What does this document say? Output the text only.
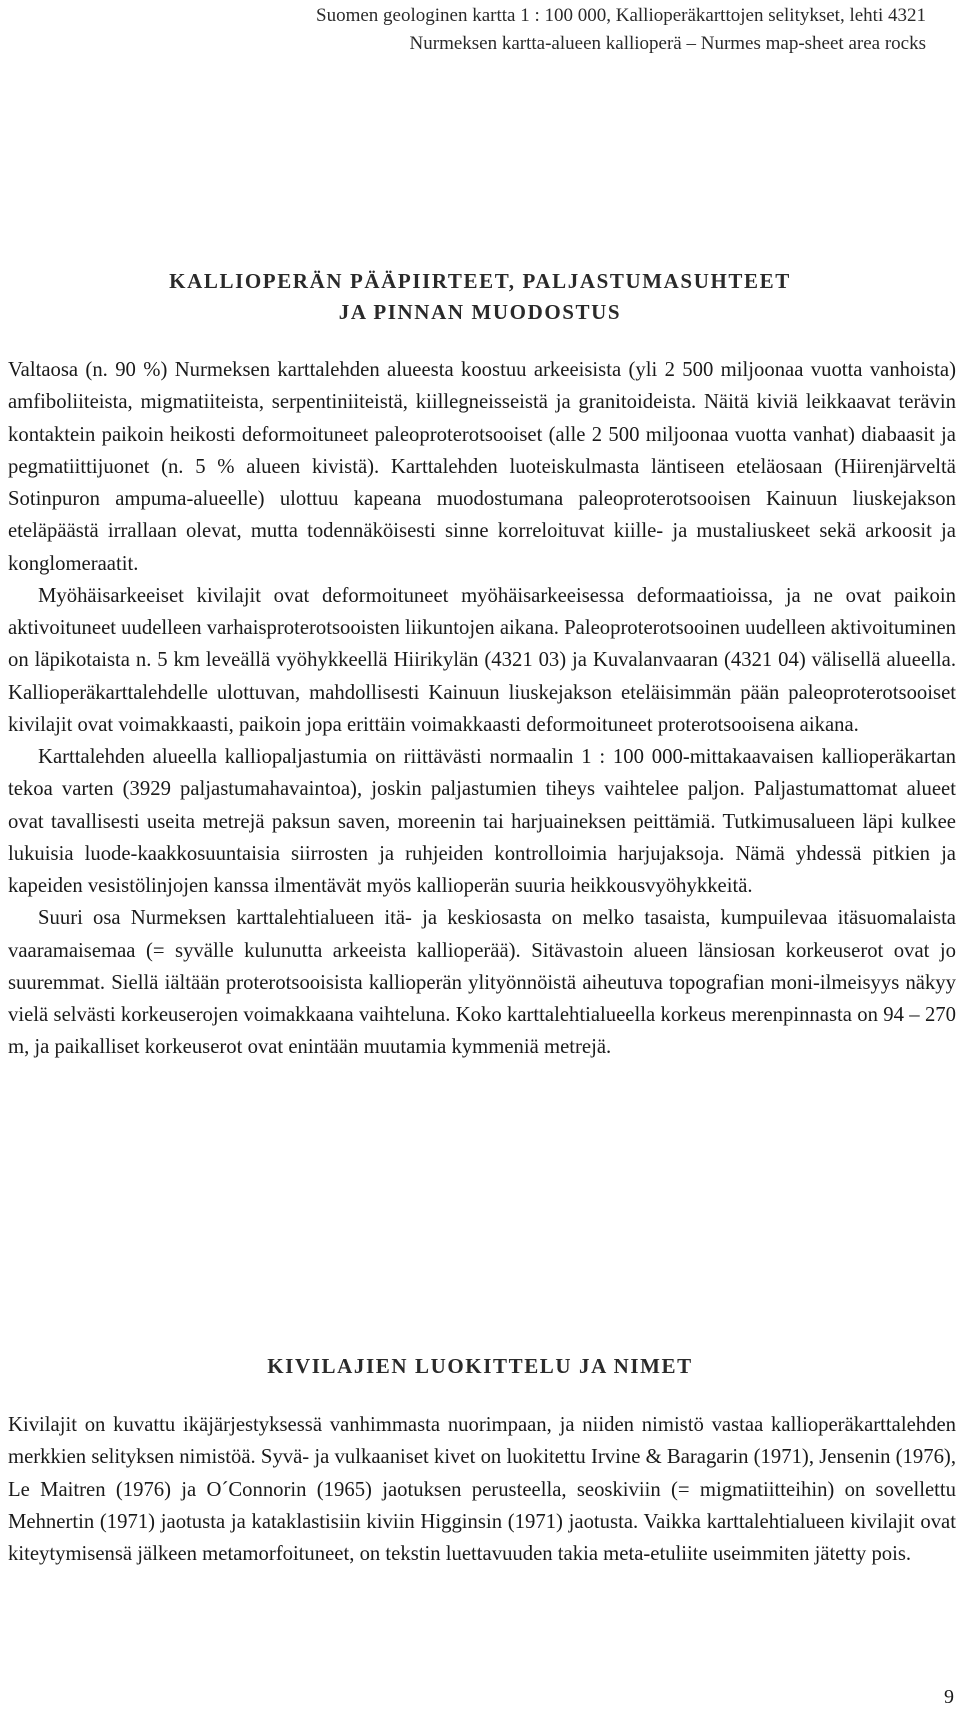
Suomen geologinen kartta 1 : 100 000, Kallioperäkarttojen selitykset, lehti 4321
Nurmeksen kartta-alueen kallioperä – Nurmes map-sheet area rocks
KALLIOPERÄN PÄÄPIIRTEET, PALJASTUMASUHTEET
JA PINNAN MUODOSTUS

Valtaosa (n. 90 %) Nurmeksen karttalehden alueesta koostuu arkeeisista (yli 2 500 miljoonaa vuotta vanhoista) amfiboliiteista, migmatiiteista, serpentiniiteistä, kiillegneisseistä ja granitoideista. Näitä kiviä leikkaavat terävin kontaktein paikoin heikosti deformoituneet paleoproterotsooiset (alle 2 500 miljoonaa vuotta vanhat) diabaasit ja pegmatiittijuonet (n. 5 % alueen kivistä). Karttalehden luoteiskulmasta läntiseen eteläosaan (Hiirenjärveltä Sotinpuron ampuma-alueelle) ulottuu kapeana muodostumana paleoproterotsooisen Kainuun liuskejakson eteläpäästä irrallaan olevat, mutta todennäköisesti sinne korreloituvat kiille- ja mustaliuskeet sekä arkoosit ja konglomeraatit.

Myöhäisarkeeiset kivilajit ovat deformoituneet myöhäisarkeeisessa deformaatioissa, ja ne ovat paikoin aktivoituneet uudelleen varhaisproterotsooisten liikuntojen aikana. Paleoproterotsooinen uudelleen aktivoituminen on läpikotaista n. 5 km leveällä vyöhykkeellä Hiirikylän (4321 03) ja Kuvalanvaaran (4321 04) välisellä alueella. Kallioperäkarttalehdelle ulottuvan, mahdollisesti Kainuun liuskejakson eteläisimmän pään paleoproterotsooiset kivilajit ovat voimakkaasti, paikoin jopa erittäin voimakkaasti deformoituneet proterotsooisena aikana.

Karttalehden alueella kalliopaljastumia on riittävästi normaalin 1 : 100 000-mittakaavaisen kallioperäkartan tekoa varten (3929 paljastumahavaintoa), joskin paljastumien tiheys vaihtelee paljon. Paljastumattomat alueet ovat tavallisesti useita metrejä paksun saven, moreenin tai harjuaineksen peittämiä. Tutkimusalueen läpi kulkee lukuisia luode-kaakkosuuntaisia siirrosten ja ruhjeiden kontrolloimia harjujaksoja. Nämä yhdessä pitkien ja kapeiden vesistölinjojen kanssa ilmentävät myös kallioperän suuria heikkousvyöhykkeitä.

Suuri osa Nurmeksen karttalehtialueen itä- ja keskiosasta on melko tasaista, kumpuilevaa itäsuomalaista vaaramaisemaa (= syvälle kulunutta arkeeista kallioperää). Sitävastoin alueen länsiosan korkeuserot ovat jo suuremmat. Siellä iältään proterotsooisista kallioperän ylityönnöistä aiheutuva topografian moni-ilmeisyys näkyy vielä selvästi korkeuserojen voimakkaana vaihteluna. Koko karttalehtialueella korkeus merenpinnasta on 94 – 270 m, ja paikalliset korkeuserot ovat enintään muutamia kymmeniä metrejä.

KIVILAJIEN LUOKITTELU JA NIMET

Kivilajit on kuvattu ikäjärjestyksessä vanhimmasta nuorimpaan, ja niiden nimistö vastaa kallioperäkarttalehden merkkien selityksen nimistöä. Syvä- ja vulkaaniset kivet on luokitettu Irvine & Baragarin (1971), Jensenin (1976), Le Maitren (1976) ja O´Connorin (1965) jaotuksen perusteella, seoskiviin (= migmatiitteihin) on sovellettu Mehnertin (1971) jaotusta ja kataklastisiin kiviin Higginsin (1971) jaotusta. Vaikka karttalehtialueen kivilajit ovat kiteytymisensä jälkeen metamorfoituneet, on tekstin luettavuuden takia meta-etuliite useimmiten jätetty pois.

9
